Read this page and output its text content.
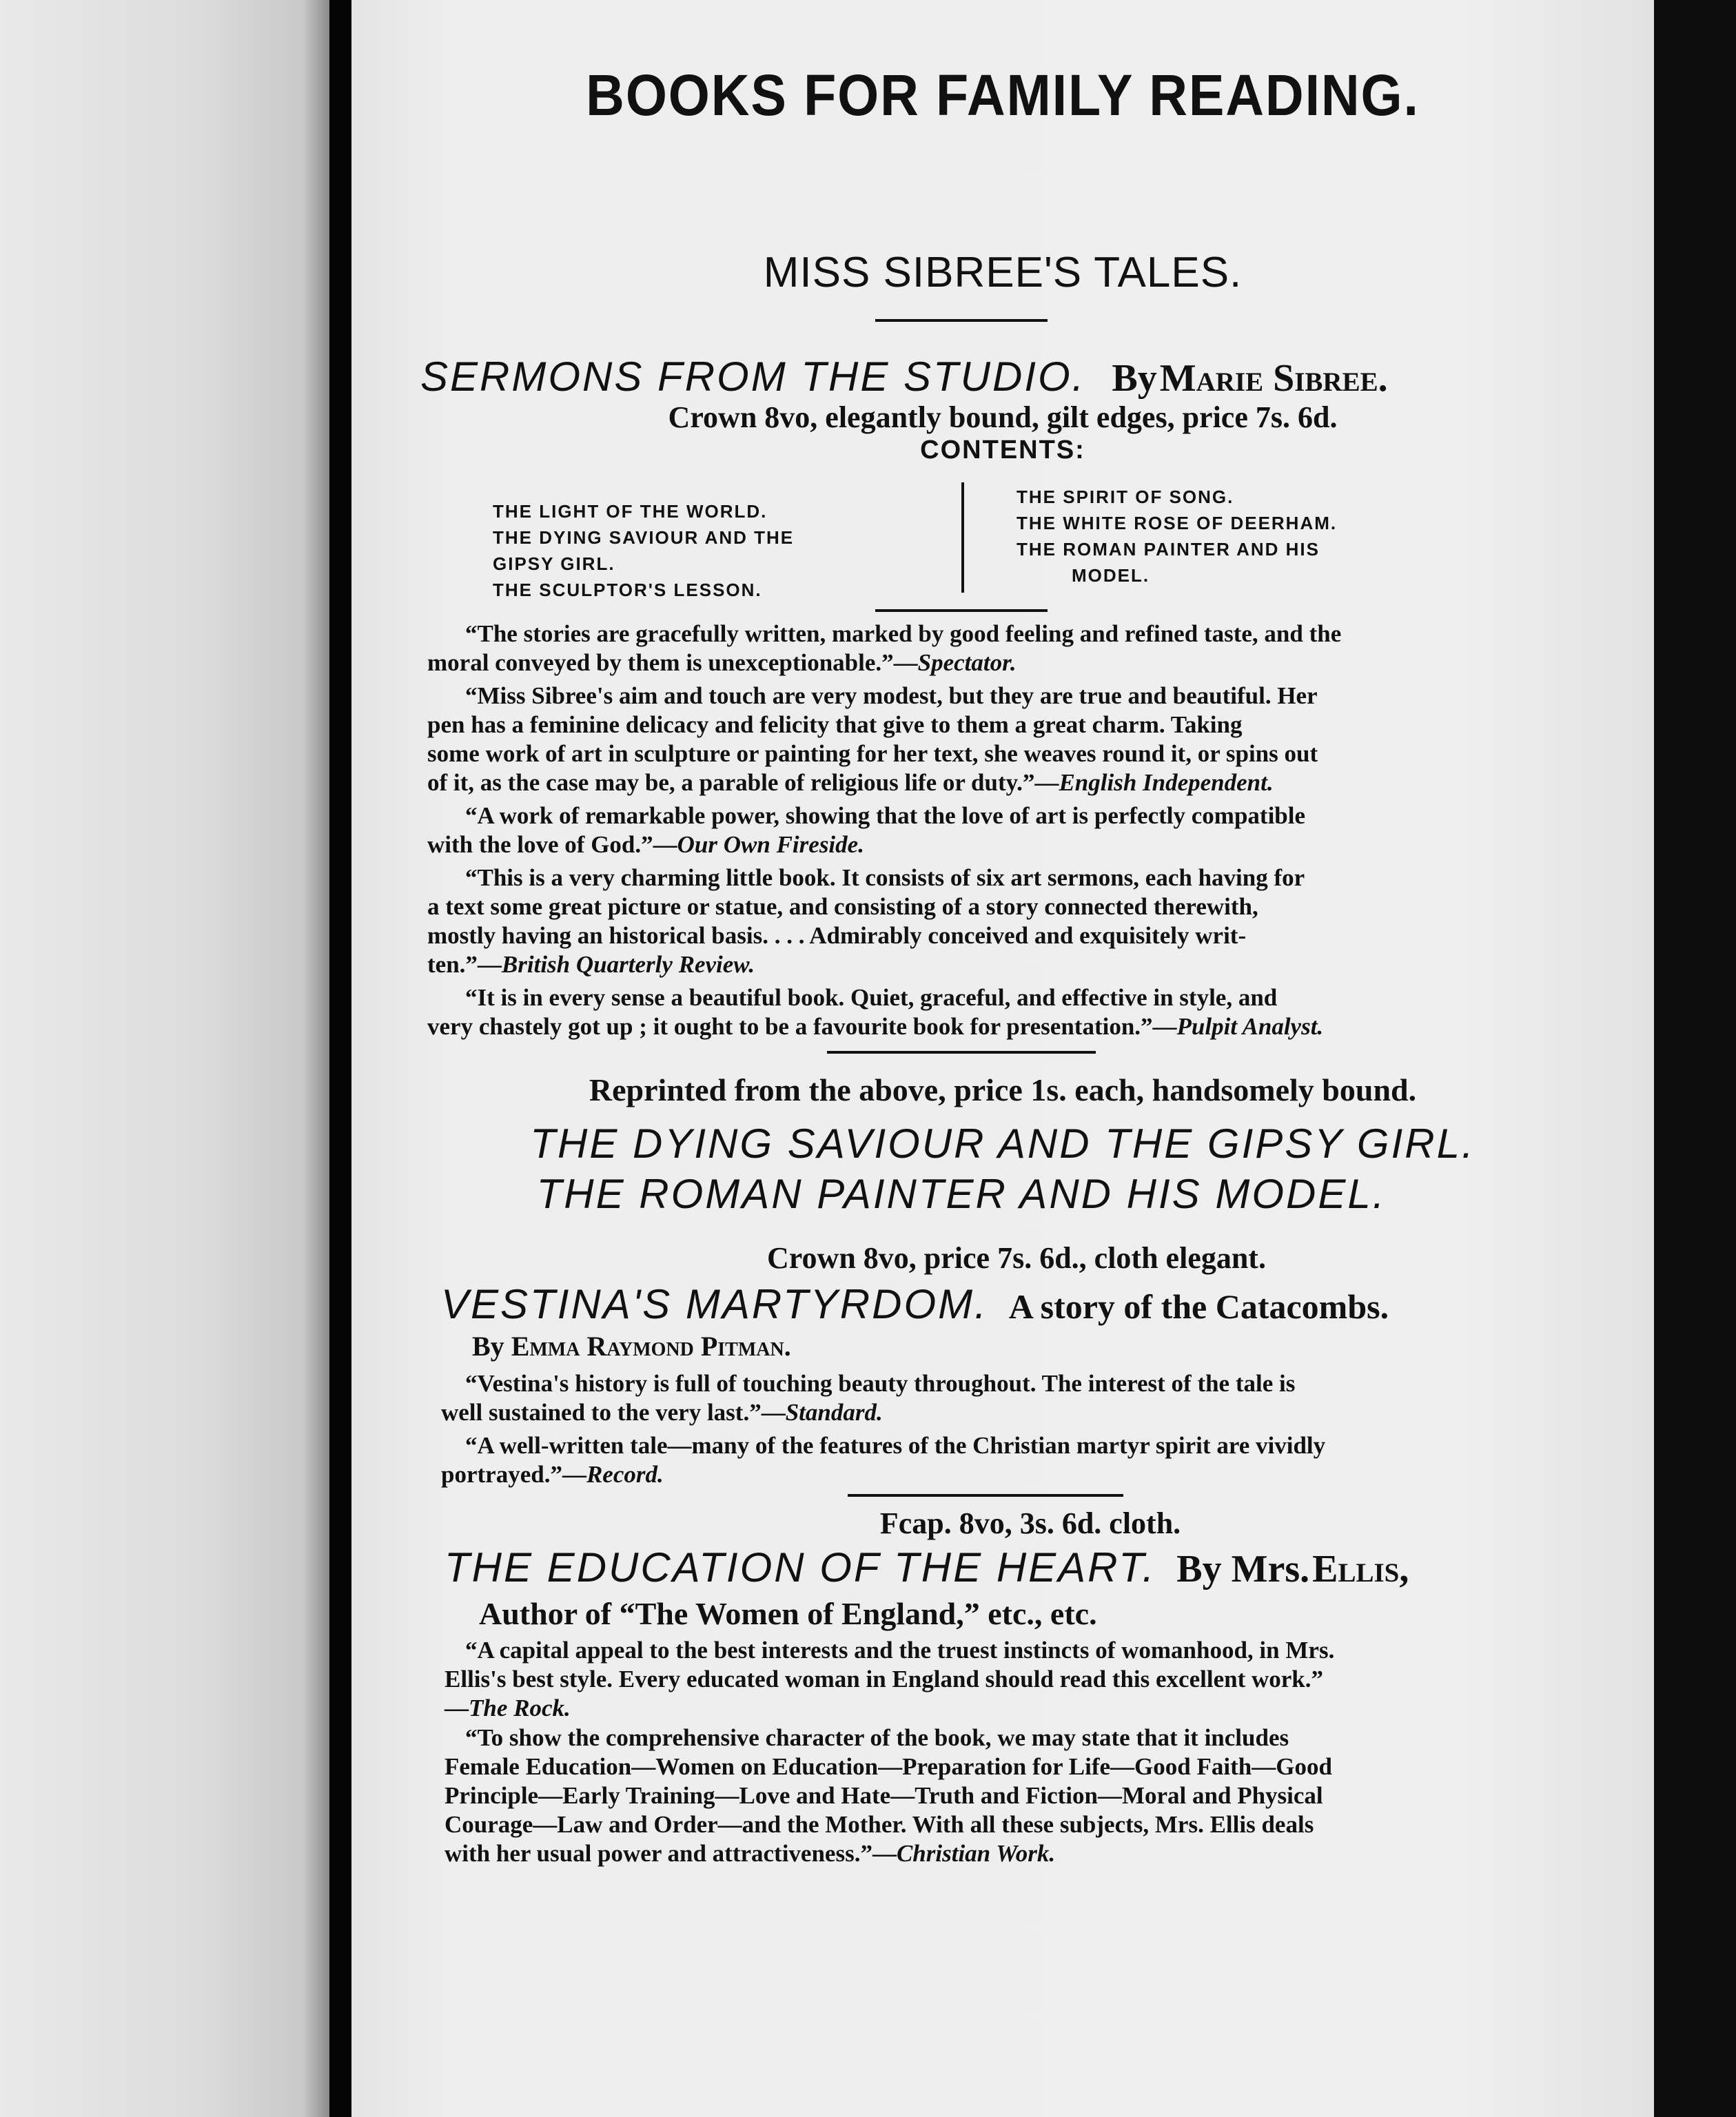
BOOKS FOR FAMILY READING.
MISS SIBREE'S TALES.
SERMONS FROM THE STUDIO. By Marie Sibree.
Crown 8vo, elegantly bound, gilt edges, price 7s. 6d.
CONTENTS:
THE LIGHT OF THE WORLD.
THE DYING SAVIOUR AND THE
GIPSY GIRL.
THE SCULPTOR'S LESSON.
THE SPIRIT OF SONG.
THE WHITE ROSE OF DEERHAM.
THE ROMAN PAINTER AND HIS
MODEL.
“The stories are gracefully written, marked by good feeling and refined taste, and the
moral conveyed by them is unexceptionable.”—Spectator.
“Miss Sibree's aim and touch are very modest, but they are true and beautiful. Her
pen has a feminine delicacy and felicity that give to them a great charm. Taking
some work of art in sculpture or painting for her text, she weaves round it, or spins out
of it, as the case may be, a parable of religious life or duty.”—English Independent.
“A work of remarkable power, showing that the love of art is perfectly compatible
with the love of God.”—Our Own Fireside.
“This is a very charming little book. It consists of six art sermons, each having for
a text some great picture or statue, and consisting of a story connected therewith,
mostly having an historical basis. . . . Admirably conceived and exquisitely writ-
ten.”—British Quarterly Review.
“It is in every sense a beautiful book. Quiet, graceful, and effective in style, and
very chastely got up ; it ought to be a favourite book for presentation.”—Pulpit Analyst.
Reprinted from the above, price 1s. each, handsomely bound.
THE DYING SAVIOUR AND THE GIPSY GIRL.
THE ROMAN PAINTER AND HIS MODEL.
Crown 8vo, price 7s. 6d., cloth elegant.
VESTINA'S MARTYRDOM. A story of the Catacombs.
By Emma Raymond Pitman.
“Vestina's history is full of touching beauty throughout. The interest of the tale is
well sustained to the very last.”—Standard.
“A well-written tale—many of the features of the Christian martyr spirit are vividly
portrayed.”—Record.
Fcap. 8vo, 3s. 6d. cloth.
THE EDUCATION OF THE HEART. By Mrs. Ellis,
Author of “The Women of England,” etc., etc.
“A capital appeal to the best interests and the truest instincts of womanhood, in Mrs.
Ellis's best style. Every educated woman in England should read this excellent work.”
—The Rock.
“To show the comprehensive character of the book, we may state that it includes
Female Education—Women on Education—Preparation for Life—Good Faith—Good
Principle—Early Training—Love and Hate—Truth and Fiction—Moral and Physical
Courage—Law and Order—and the Mother. With all these subjects, Mrs. Ellis deals
with her usual power and attractiveness.”—Christian Work.
